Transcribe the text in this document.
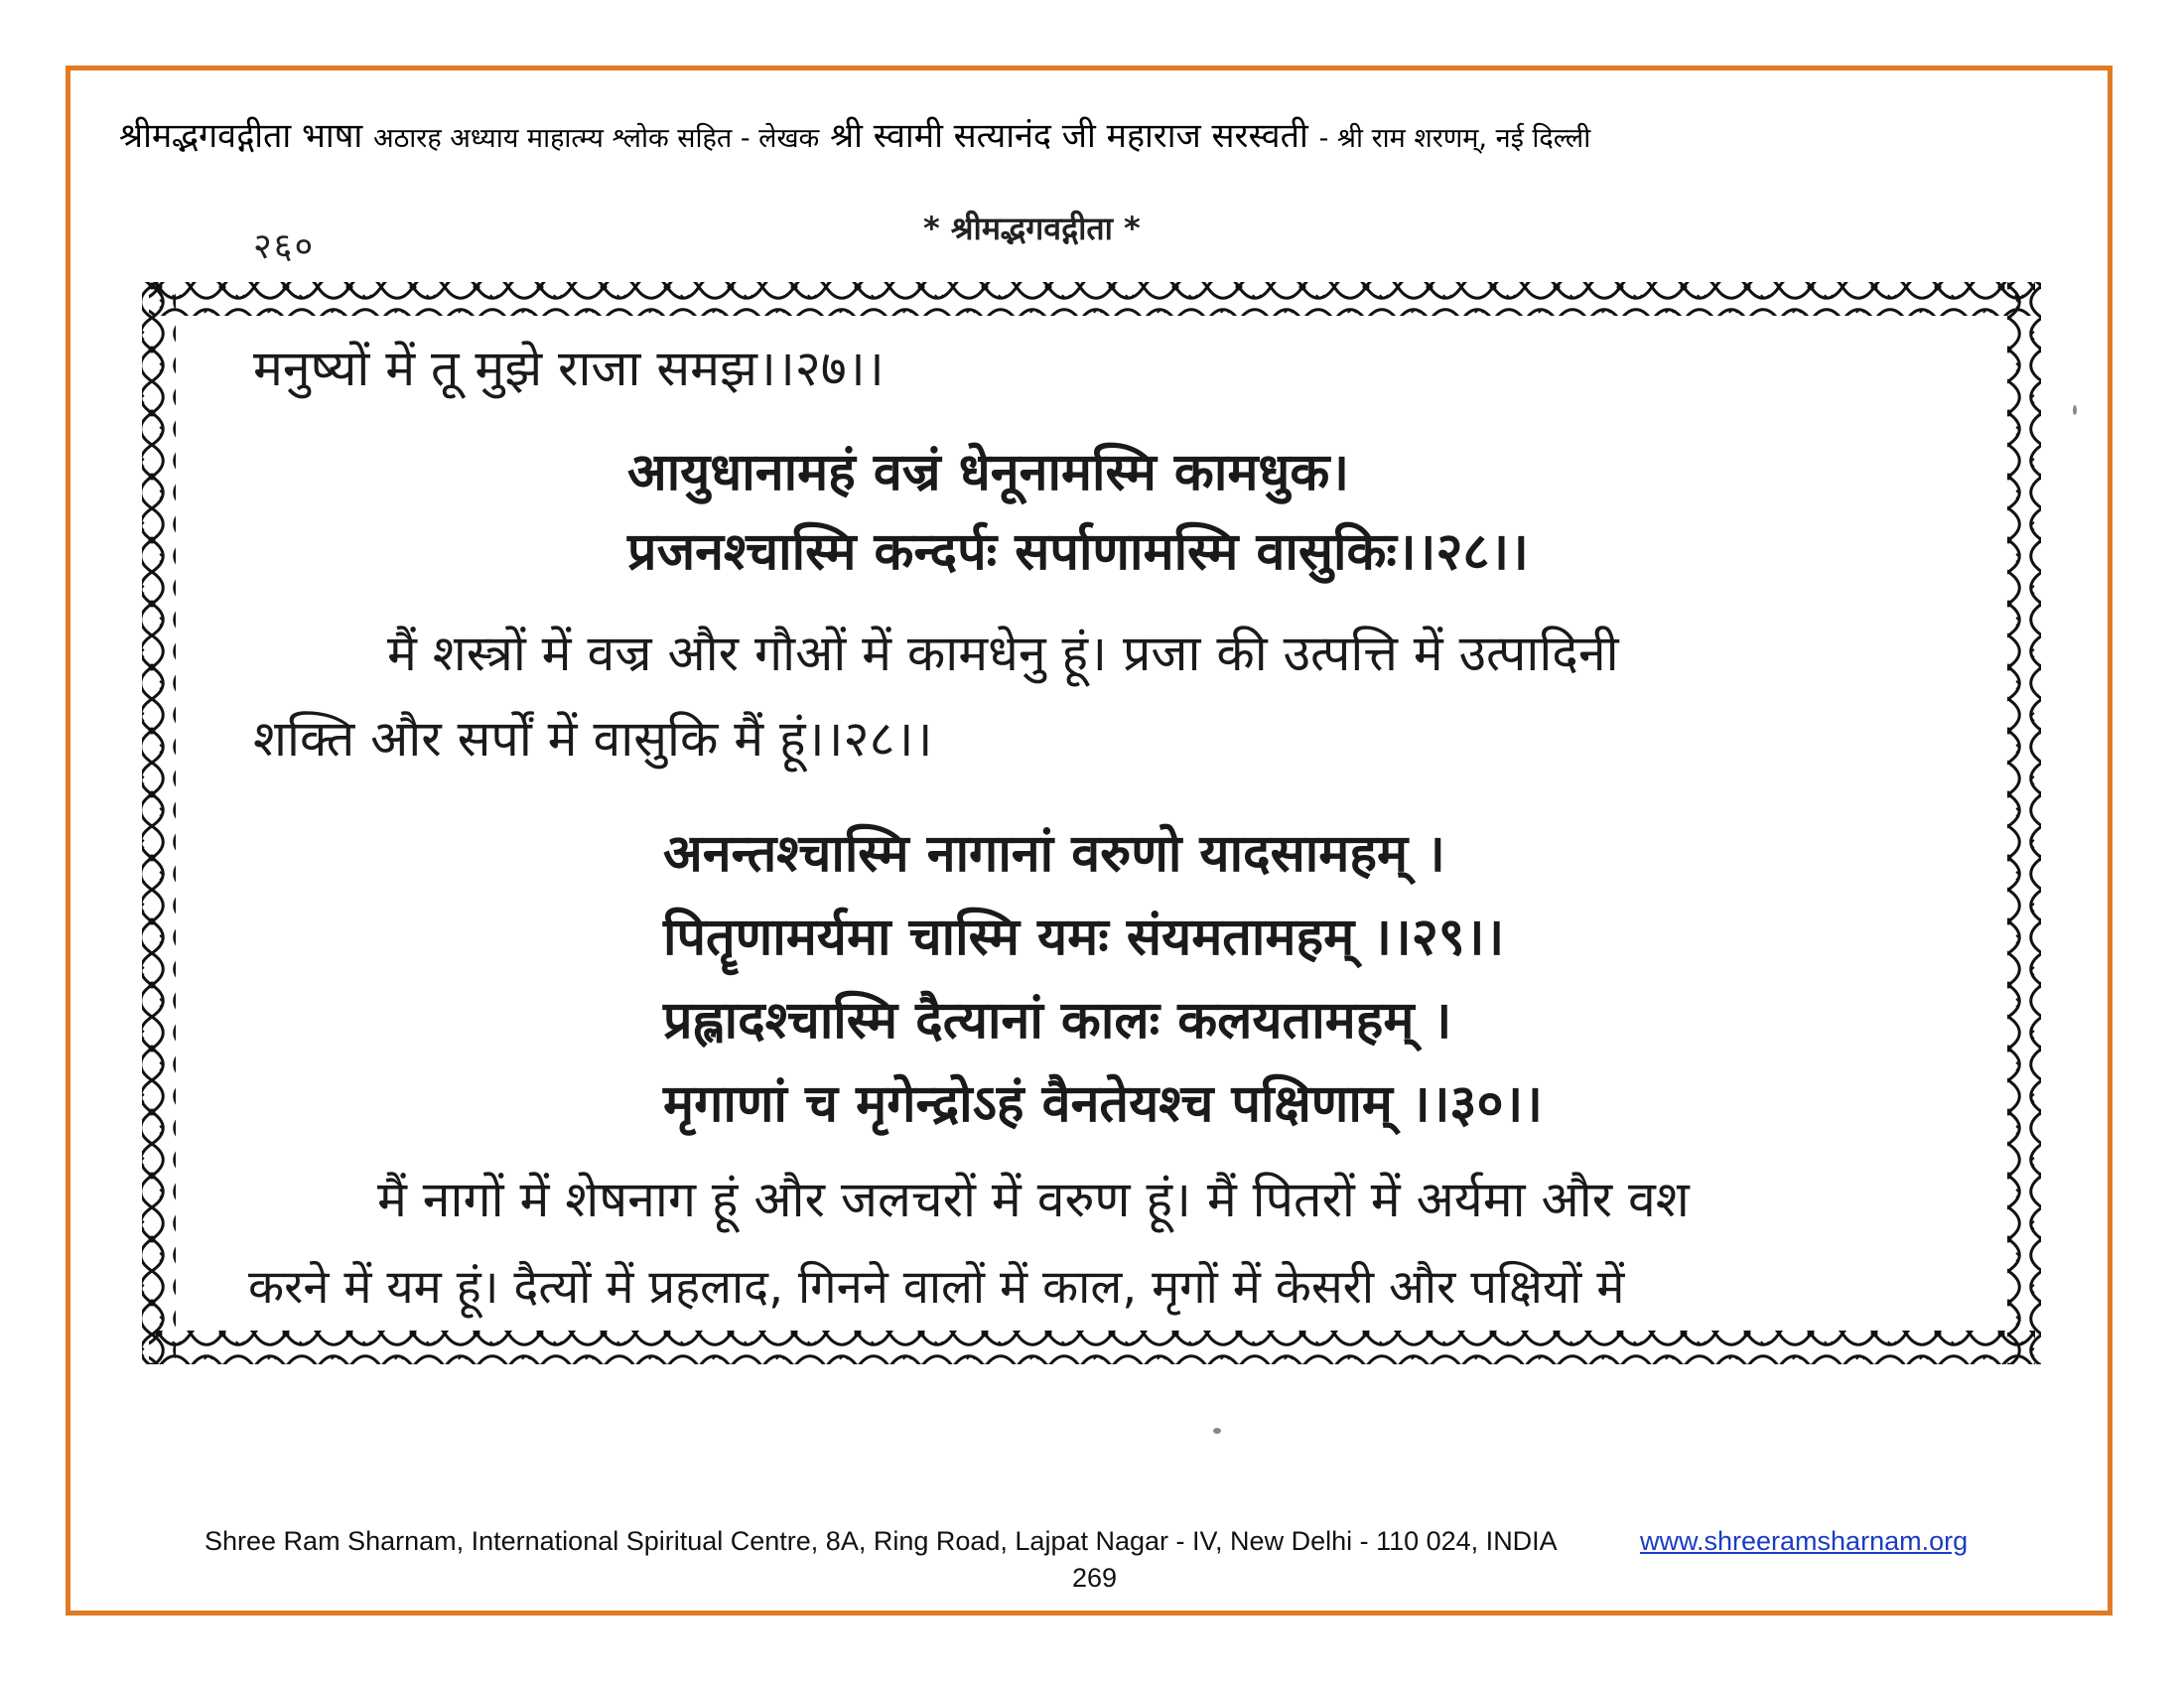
श्रीमद्भगवद्गीता भाषा अठारह अध्याय माहात्म्य श्लोक सहित - लेखक श्री स्वामी सत्यानंद जी महाराज सरस्वती - श्री राम शरणम्, नई दिल्ली
२६०	* श्रीमद्भगवद्गीता *
मनुष्यों में तू मुझे राजा समझ।।२७।।
आयुधानामहं वज्रं धेनूनामस्मि कामधुक।
प्रजनश्चास्मि कन्दर्पः सर्पाणामस्मि वासुकिः।।२८।।
मैं शस्त्रों में वज्र और गौओं में कामधेनु हूं। प्रजा की उत्पत्ति में उत्पादिनी
शक्ति और सर्पों में वासुकि मैं हूं।।२८।।
अनन्तश्चास्मि नागानां वरुणो यादसामहम् ।
पितॄणामर्यमा चास्मि यमः संयमतामहम् ।।२९।।
प्रह्लादश्चास्मि दैत्यानां कालः कलयतामहम् ।
मृगाणां च मृगेन्द्रोऽहं वैनतेयश्च पक्षिणाम् ।।३०।।
मैं नागों में शेषनाग हूं और जलचरों में वरुण हूं। मैं पितरों में अर्यमा और वश
करने में यम हूं। दैत्यों में प्रहलाद, गिनने वालों में काल, मृगों में केसरी और पक्षियों में
Shree Ram Sharnam, International Spiritual Centre, 8A, Ring Road, Lajpat Nagar - IV, New Delhi - 110 024, INDIA	www.shreeramsharnam.org
269
